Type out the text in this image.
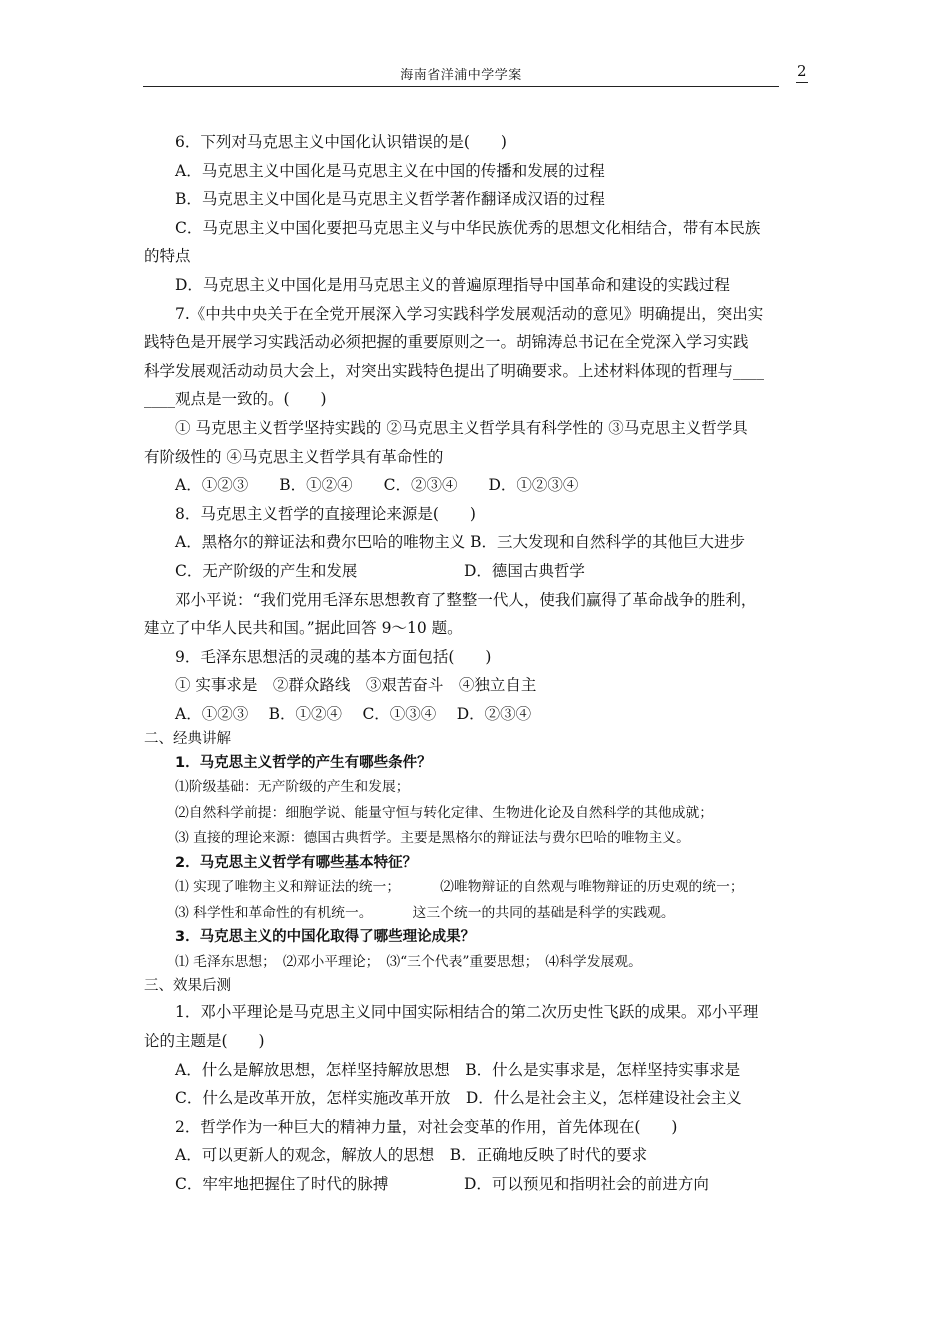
海南省洋浦中学学案	2

6．下列对马克思主义中国化认识错误的是(　　)

A．马克思主义中国化是马克思主义在中国的传播和发展的过程

B．马克思主义中国化是马克思主义哲学著作翻译成汉语的过程

C．马克思主义中国化要把马克思主义与中华民族优秀的思想文化相结合，带有本民族

的特点

D．马克思主义中国化是用马克思主义的普遍原理指导中国革命和建设的实践过程

7.《中共中央关于在全党开展深入学习实践科学发展观活动的意见》明确提出，突出实

践特色是开展学习实践活动必须把握的重要原则之一。胡锦涛总书记在全党深入学习实践

科学发展观活动动员大会上，对突出实践特色提出了明确要求。上述材料体现的哲理与____

____观点是一致的。(　　)

① 马克思主义哲学坚持实践的 ②马克思主义哲学具有科学性的 ③马克思主义哲学具

有阶级性的 ④马克思主义哲学具有革命性的

A．①②③　　B．①②④　　C．②③④　　D．①②③④

8．马克思主义哲学的直接理论来源是(　　)

A．黑格尔的辩证法和费尔巴哈的唯物主义 B．三大发现和自然科学的其他巨大进步

C．无产阶级的产生和发展	D．德国古典哲学

邓小平说：“我们党用毛泽东思想教育了整整一代人，使我们赢得了革命战争的胜利，

建立了中华人民共和国。”据此回答 9～10 题。

9．毛泽东思想活的灵魂的基本方面包括(　　)

① 实事求是　②群众路线　③艰苦奋斗　④独立自主

A．①②③　 B．①②④　 C．①③④　 D．②③④

二、经典讲解

1．马克思主义哲学的产生有哪些条件？

⑴阶级基础：无产阶级的产生和发展；

⑵自然科学前提：细胞学说、能量守恒与转化定律、生物进化论及自然科学的其他成就；

⑶ 直接的理论来源：德国古典哲学。主要是黑格尔的辩证法与费尔巴哈的唯物主义。

2．马克思主义哲学有哪些基本特征？

⑴ 实现了唯物主义和辩证法的统一；	⑵唯物辩证的自然观与唯物辩证的历史观的统一；

⑶ 科学性和革命性的有机统一。	这三个统一的共同的基础是科学的实践观。

3．马克思主义的中国化取得了哪些理论成果？

⑴ 毛泽东思想；　⑵邓小平理论；　⑶“三个代表”重要思想；　⑷科学发展观。

三、效果后测

1．邓小平理论是马克思主义同中国实际相结合的第二次历史性飞跃的成果。邓小平理

论的主题是(　　)

A．什么是解放思想，怎样坚持解放思想　B．什么是实事求是，怎样坚持实事求是

C．什么是改革开放，怎样实施改革开放　D．什么是社会主义，怎样建设社会主义

2．哲学作为一种巨大的精神力量，对社会变革的作用，首先体现在(　　)

A．可以更新人的观念，解放人的思想　B．正确地反映了时代的要求

C．牢牢地把握住了时代的脉搏	D．可以预见和指明社会的前进方向
